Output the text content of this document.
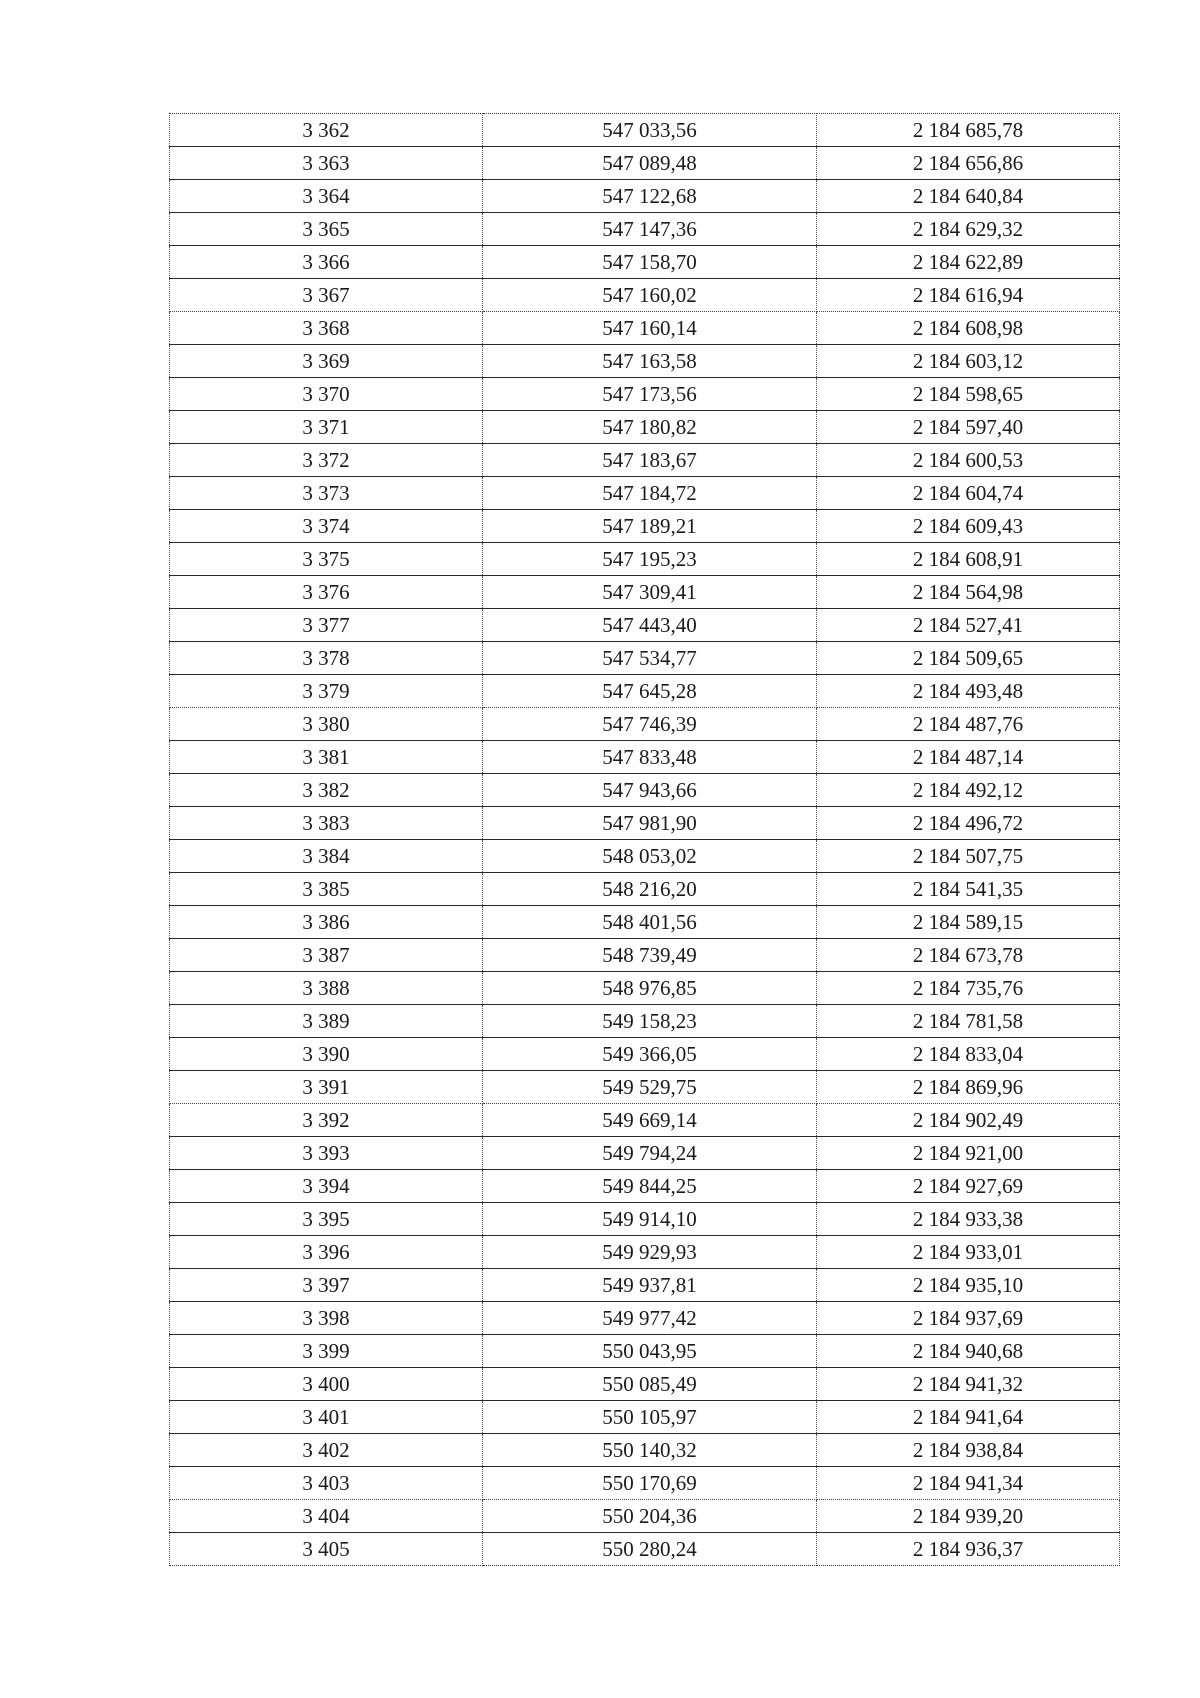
3 362	547 033,56	2 184 685,78
3 363	547 089,48	2 184 656,86
3 364	547 122,68	2 184 640,84
3 365	547 147,36	2 184 629,32
3 366	547 158,70	2 184 622,89
3 367	547 160,02	2 184 616,94
3 368	547 160,14	2 184 608,98
3 369	547 163,58	2 184 603,12
3 370	547 173,56	2 184 598,65
3 371	547 180,82	2 184 597,40
3 372	547 183,67	2 184 600,53
3 373	547 184,72	2 184 604,74
3 374	547 189,21	2 184 609,43
3 375	547 195,23	2 184 608,91
3 376	547 309,41	2 184 564,98
3 377	547 443,40	2 184 527,41
3 378	547 534,77	2 184 509,65
3 379	547 645,28	2 184 493,48
3 380	547 746,39	2 184 487,76
3 381	547 833,48	2 184 487,14
3 382	547 943,66	2 184 492,12
3 383	547 981,90	2 184 496,72
3 384	548 053,02	2 184 507,75
3 385	548 216,20	2 184 541,35
3 386	548 401,56	2 184 589,15
3 387	548 739,49	2 184 673,78
3 388	548 976,85	2 184 735,76
3 389	549 158,23	2 184 781,58
3 390	549 366,05	2 184 833,04
3 391	549 529,75	2 184 869,96
3 392	549 669,14	2 184 902,49
3 393	549 794,24	2 184 921,00
3 394	549 844,25	2 184 927,69
3 395	549 914,10	2 184 933,38
3 396	549 929,93	2 184 933,01
3 397	549 937,81	2 184 935,10
3 398	549 977,42	2 184 937,69
3 399	550 043,95	2 184 940,68
3 400	550 085,49	2 184 941,32
3 401	550 105,97	2 184 941,64
3 402	550 140,32	2 184 938,84
3 403	550 170,69	2 184 941,34
3 404	550 204,36	2 184 939,20
3 405	550 280,24	2 184 936,37
